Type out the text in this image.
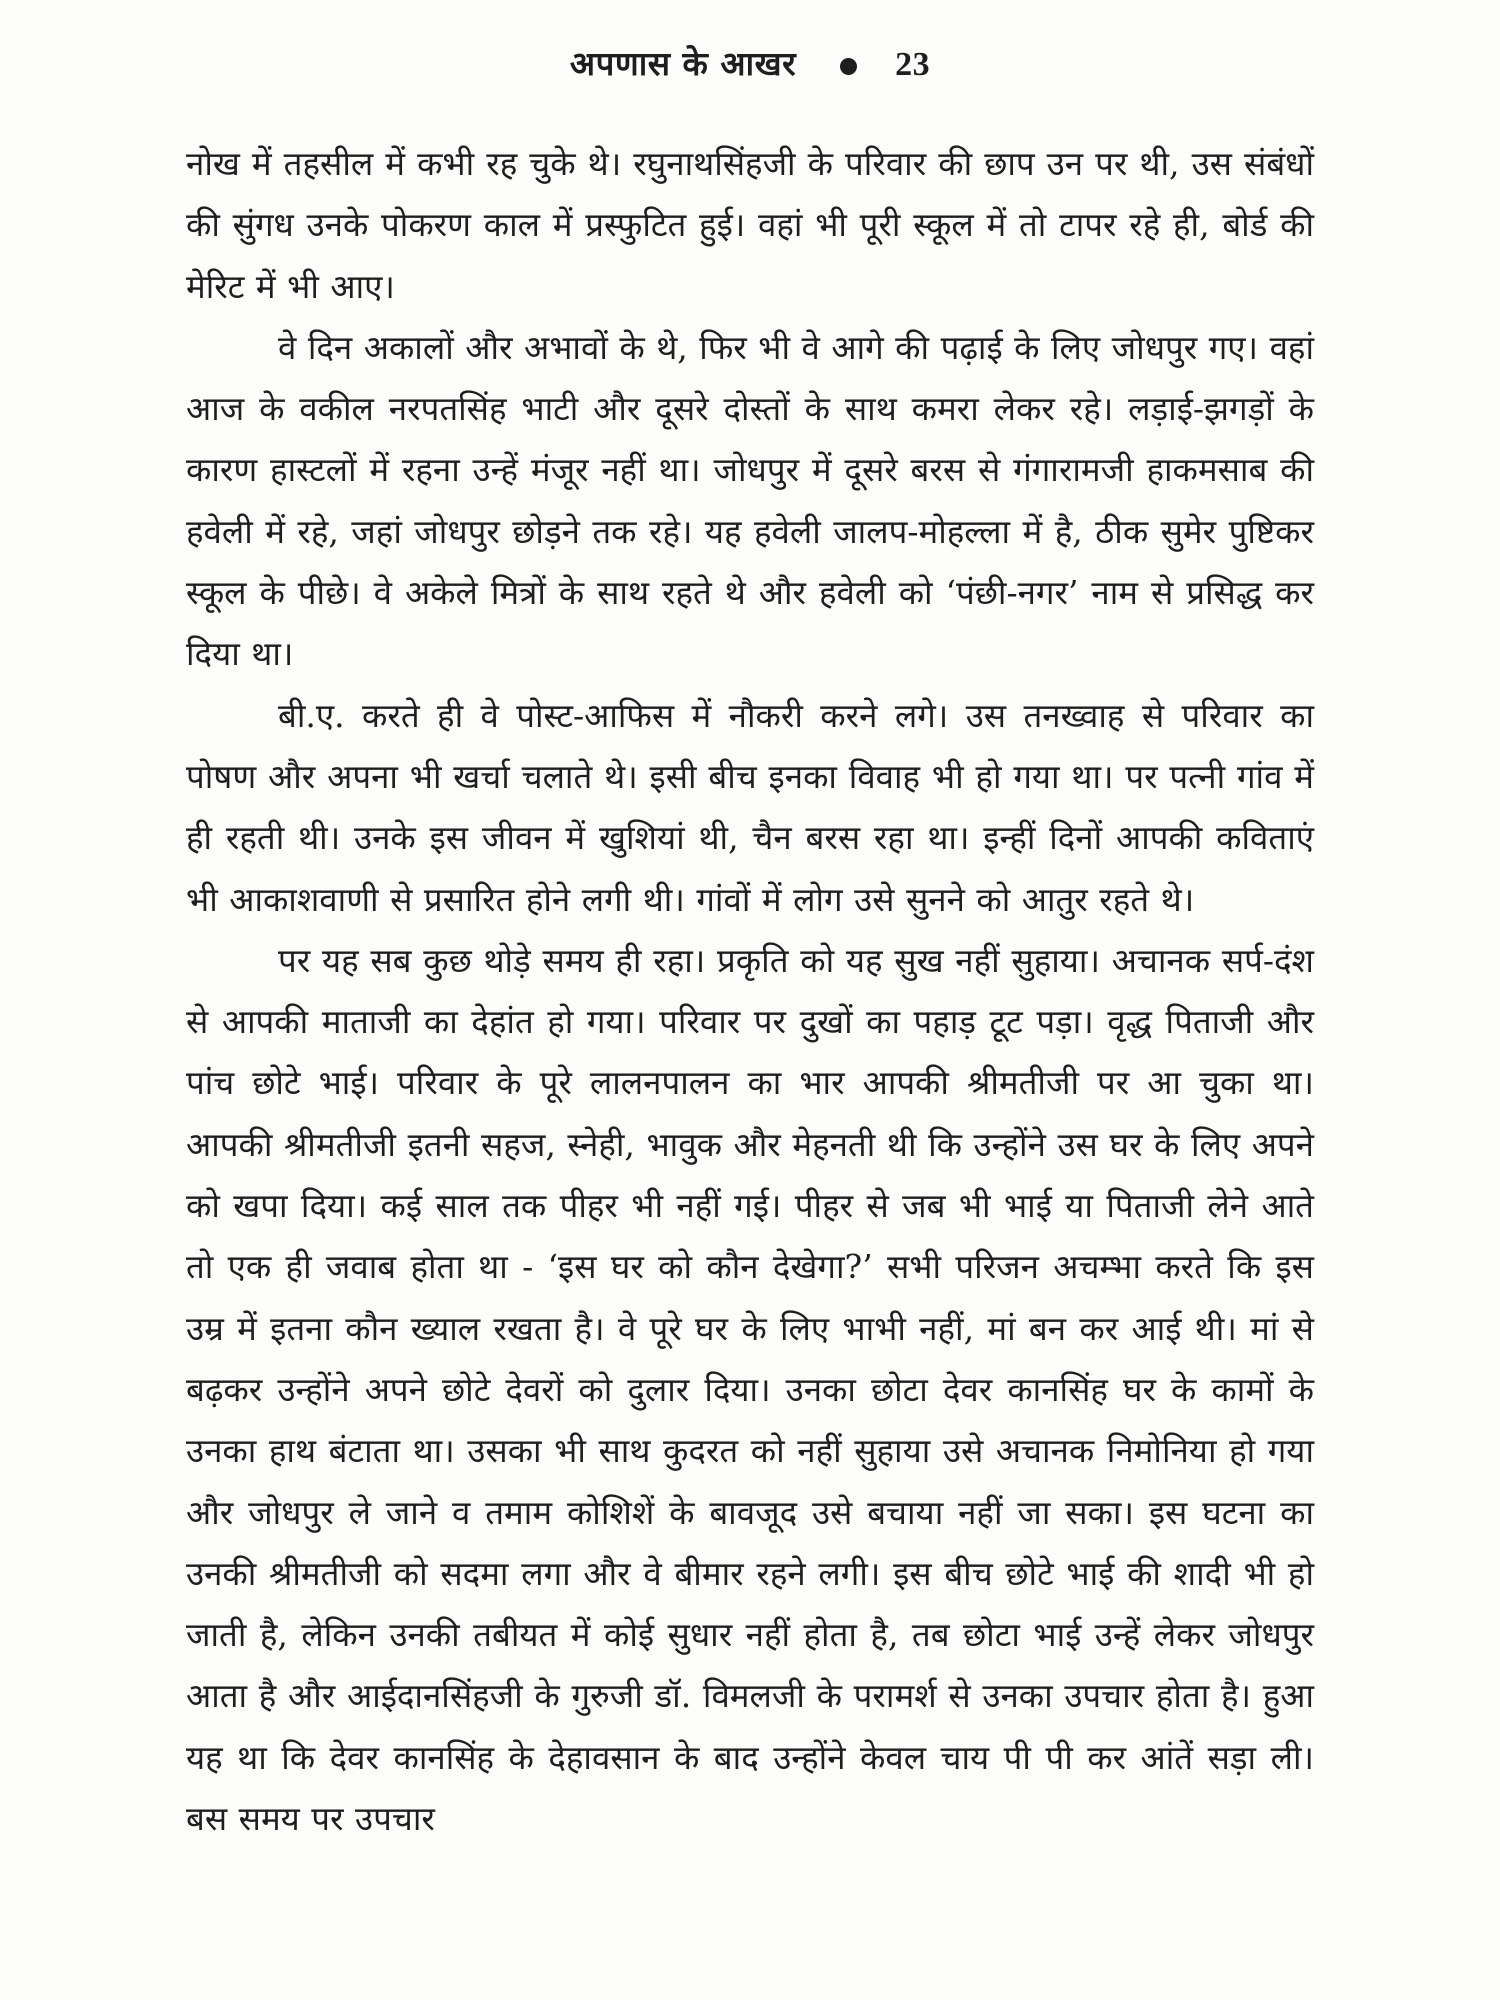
अपणास के आखर	23

नोख में तहसील में कभी रह चुके थे। रघुनाथसिंहजी के परिवार की छाप उन पर थी, उस संबंधों की सुंगध उनके पोकरण काल में प्रस्फुटित हुई। वहां भी पूरी स्कूल में तो टापर रहे ही, बोर्ड की मेरिट में भी आए।

वे दिन अकालों और अभावों के थे, फिर भी वे आगे की पढ़ाई के लिए जोधपुर गए। वहां आज के वकील नरपतसिंह भाटी और दूसरे दोस्तों के साथ कमरा लेकर रहे। लड़ाई-झगड़ों के कारण हास्टलों में रहना उन्हें मंजूर नहीं था। जोधपुर में दूसरे बरस से गंगारामजी हाकमसाब की हवेली में रहे, जहां जोधपुर छोड़ने तक रहे। यह हवेली जालप-मोहल्ला में है, ठीक सुमेर पुष्टिकर स्कूल के पीछे। वे अकेले मित्रों के साथ रहते थे और हवेली को ‘पंछी-नगर’ नाम से प्रसिद्ध कर दिया था।

बी.ए. करते ही वे पोस्ट-आफिस में नौकरी करने लगे। उस तनख्वाह से परिवार का पोषण और अपना भी खर्चा चलाते थे। इसी बीच इनका विवाह भी हो गया था। पर पत्नी गांव में ही रहती थी। उनके इस जीवन में खुशियां थी, चैन बरस रहा था। इन्हीं दिनों आपकी कविताएं भी आकाशवाणी से प्रसारित होने लगी थी। गांवों में लोग उसे सुनने को आतुर रहते थे।

पर यह सब कुछ थोड़े समय ही रहा। प्रकृति को यह सुख नहीं सुहाया। अचानक सर्प-दंश से आपकी माताजी का देहांत हो गया। परिवार पर दुखों का पहाड़ टूट पड़ा। वृद्ध पिताजी और पांच छोटे भाई। परिवार के पूरे लालनपालन का भार आपकी श्रीमतीजी पर आ चुका था। आपकी श्रीमतीजी इतनी सहज, स्नेही, भावुक और मेहनती थी कि उन्होंने उस घर के लिए अपने को खपा दिया। कई साल तक पीहर भी नहीं गई। पीहर से जब भी भाई या पिताजी लेने आते तो एक ही जवाब होता था - ‘इस घर को कौन देखेगा?’ सभी परिजन अचम्भा करते कि इस उम्र में इतना कौन ख्याल रखता है। वे पूरे घर के लिए भाभी नहीं, मां बन कर आई थी। मां से बढ़कर उन्होंने अपने छोटे देवरों को दुलार दिया। उनका छोटा देवर कानसिंह घर के कामों के उनका हाथ बंटाता था। उसका भी साथ कुदरत को नहीं सुहाया उसे अचानक निमोनिया हो गया और जोधपुर ले जाने व तमाम कोशिशें के बावजूद उसे बचाया नहीं जा सका। इस घटना का उनकी श्रीमतीजी को सदमा लगा और वे बीमार रहने लगी। इस बीच छोटे भाई की शादी भी हो जाती है, लेकिन उनकी तबीयत में कोई सुधार नहीं होता है, तब छोटा भाई उन्हें लेकर जोधपुर आता है और आईदानसिंहजी के गुरुजी डॉ. विमलजी के परामर्श से उनका उपचार होता है। हुआ यह था कि देवर कानसिंह के देहावसान के बाद उन्होंने केवल चाय पी पी कर आंतें सड़ा ली। बस समय पर उपचार
